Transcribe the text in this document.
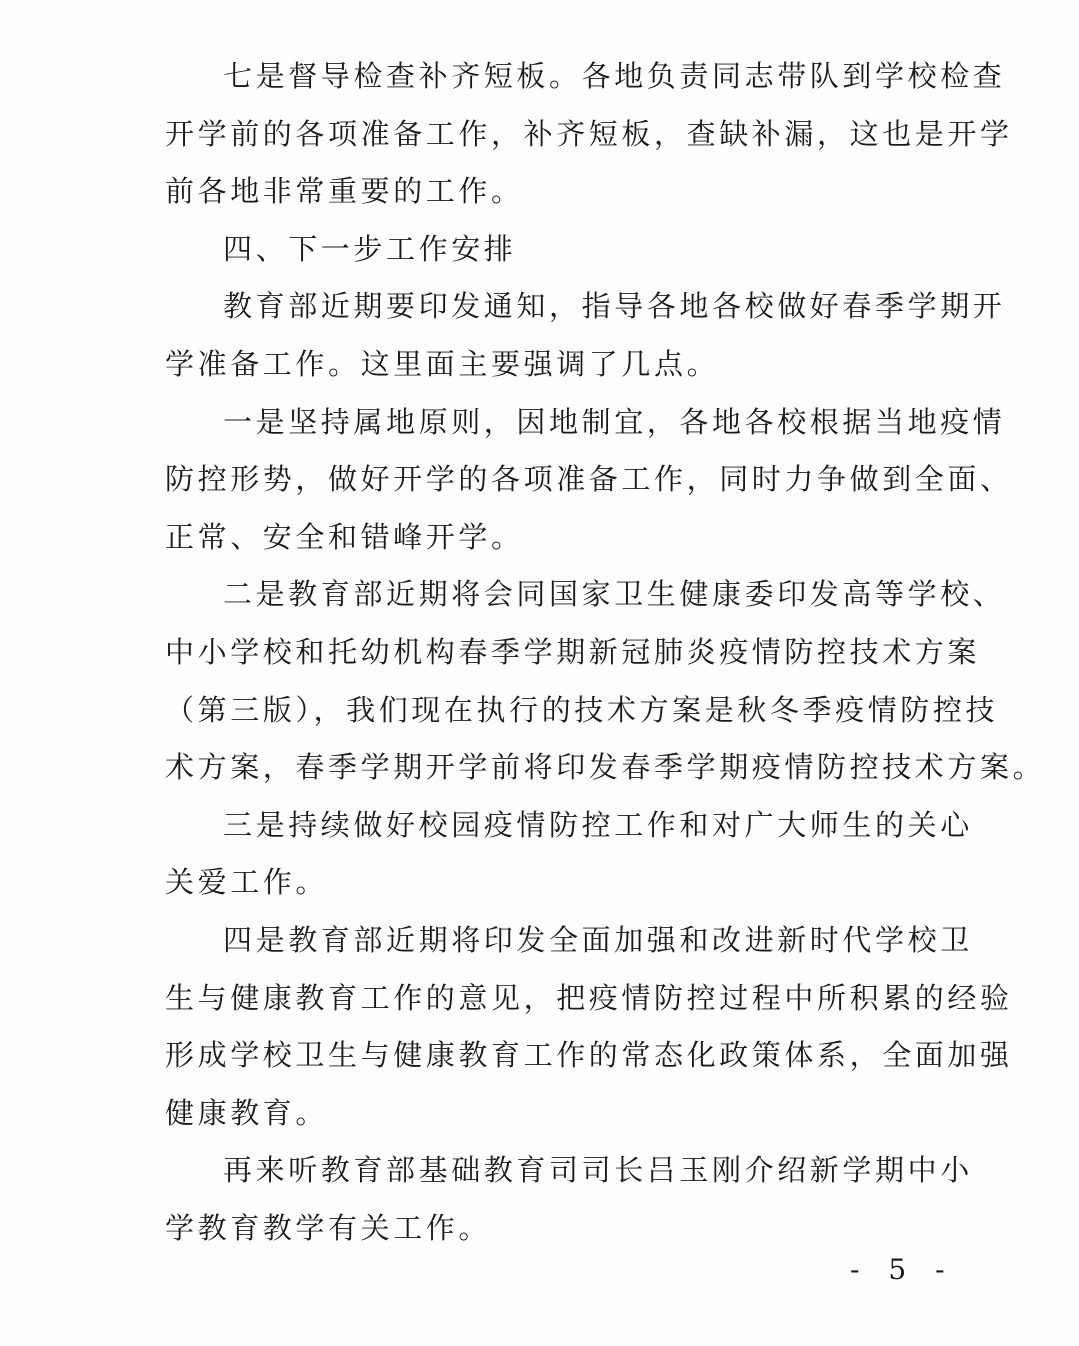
七是督导检查补齐短板。各地负责同志带队到学校检查
开学前的各项准备工作，补齐短板，查缺补漏，这也是开学
前各地非常重要的工作。
四、下一步工作安排
教育部近期要印发通知，指导各地各校做好春季学期开
学准备工作。这里面主要强调了几点。
一是坚持属地原则，因地制宜，各地各校根据当地疫情
防控形势，做好开学的各项准备工作，同时力争做到全面、
正常、安全和错峰开学。
二是教育部近期将会同国家卫生健康委印发高等学校、
中小学校和托幼机构春季学期新冠肺炎疫情防控技术方案
（第三版），我们现在执行的技术方案是秋冬季疫情防控技
术方案，春季学期开学前将印发春季学期疫情防控技术方案。
三是持续做好校园疫情防控工作和对广大师生的关心
关爱工作。
四是教育部近期将印发全面加强和改进新时代学校卫
生与健康教育工作的意见，把疫情防控过程中所积累的经验
形成学校卫生与健康教育工作的常态化政策体系，全面加强
健康教育。
再来听教育部基础教育司司长吕玉刚介绍新学期中小
学教育教学有关工作。
- 5 -
